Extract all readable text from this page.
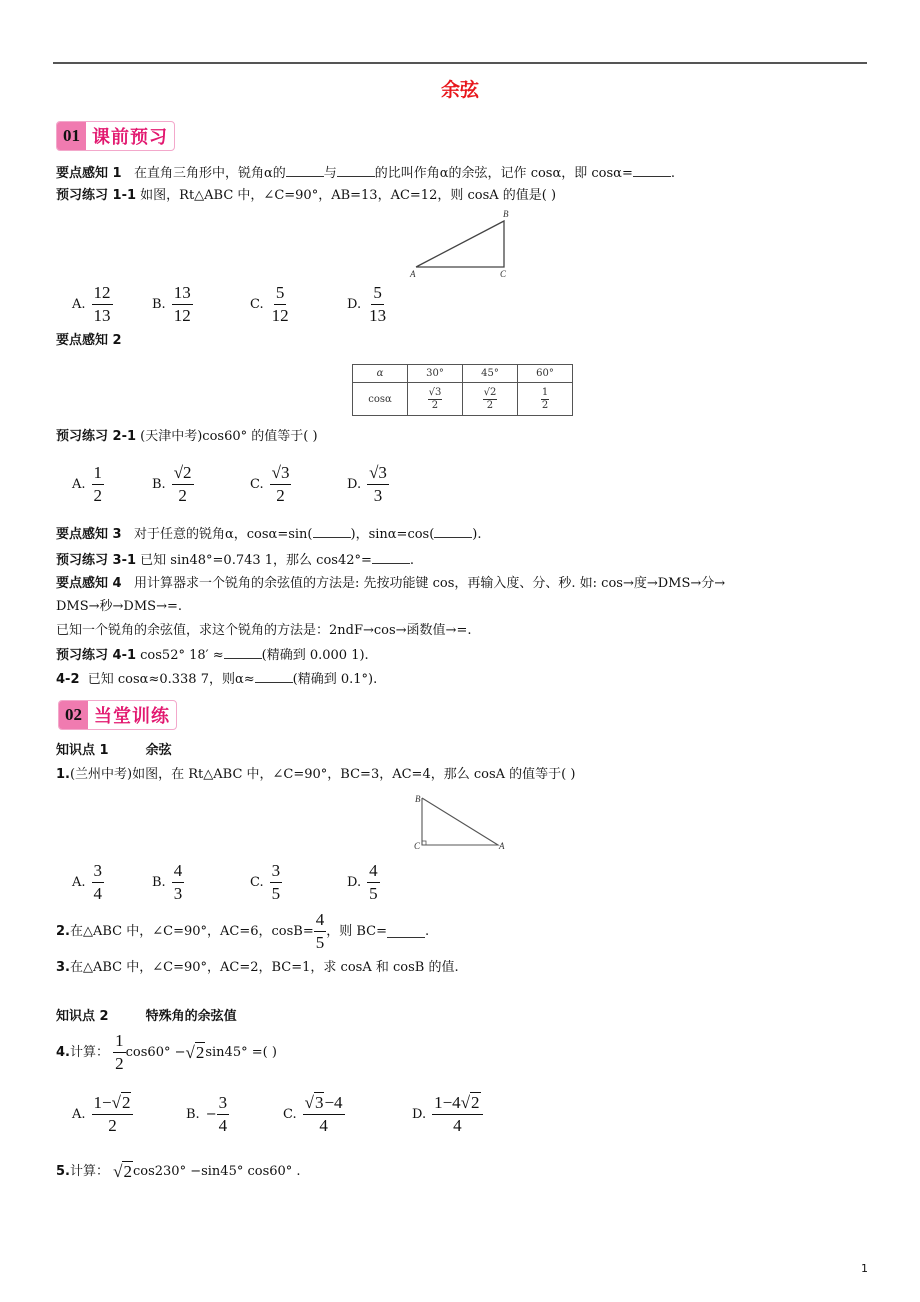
余弦
01 课前预习
要点感知 1 在直角三角形中，锐角α的	与	的比叫作角α的余弦，记作 cosα，即 cosα=	.
预习练习 1-1 如图，Rt△ABC 中，∠C=90°，AB=13，AC=12，则 cosA 的值是( )
B
A	C
A. $\frac{12}{13}$	B. $\frac{13}{12}$	C. $\frac{5}{12}$	D. $\frac{5}{13}$
要点感知 2
α	30°	45°	60°
cosα	$\frac{√3}{2}$	$\frac{√2}{2}$	$\frac{1}{2}$
预习练习 2-1 (天津中考)cos60° 的值等于( )
A. $\frac{1}{2}$	B. $\frac{√2}{2}$	C. $\frac{√3}{2}$	D. $\frac{√3}{3}$
要点感知 3 对于任意的锐角α，cosα=sin(	)，sinα=cos(	).
预习练习 3-1 已知 sin48°=0.743 1，那么 cos42°=	.
要点感知 4 用计算器求一个锐角的余弦值的方法是: 先按功能键 cos，再输入度、分、秒. 如: cos→度→DMS→分→
DMS→秒→DMS→=.
已知一个锐角的余弦值，求这个锐角的方法是：2ndF→cos→函数值→=.
预习练习 4-1 cos52° 18′ ≈	(精确到 0.000 1).
4-2 已知 cosα≈0.338 7，则α≈	(精确到 0.1°).
02 当堂训练
知识点 1	余弦
1.(兰州中考)如图，在 Rt△ABC 中，∠C=90°，BC=3，AC=4，那么 cosA 的值等于( )
B
C	A
A. $\frac{3}{4}$	B. $\frac{4}{3}$	C. $\frac{3}{5}$	D. $\frac{4}{5}$
2. 在△ABC 中，∠C=90°，AC=6，$\cos B= \frac{4}{5}$ ，则 BC=	.
3.在△ABC 中，∠C=90°，AC=2，BC=1，求 cosA 和 cosB 的值.
知识点 2	特殊角的余弦值
4. 计算：
$\frac{1}{2} \cos 60^\circ - √2$ sin45° =( )
A. $\frac{1-√2}{2}$	B. − $\frac{3}{4}$	C. $\frac{√3-4}{4}$	D. $\frac{1-4√2}{4}$
5. 计算：
√2 cos230° −sin45° cos60° .
1
